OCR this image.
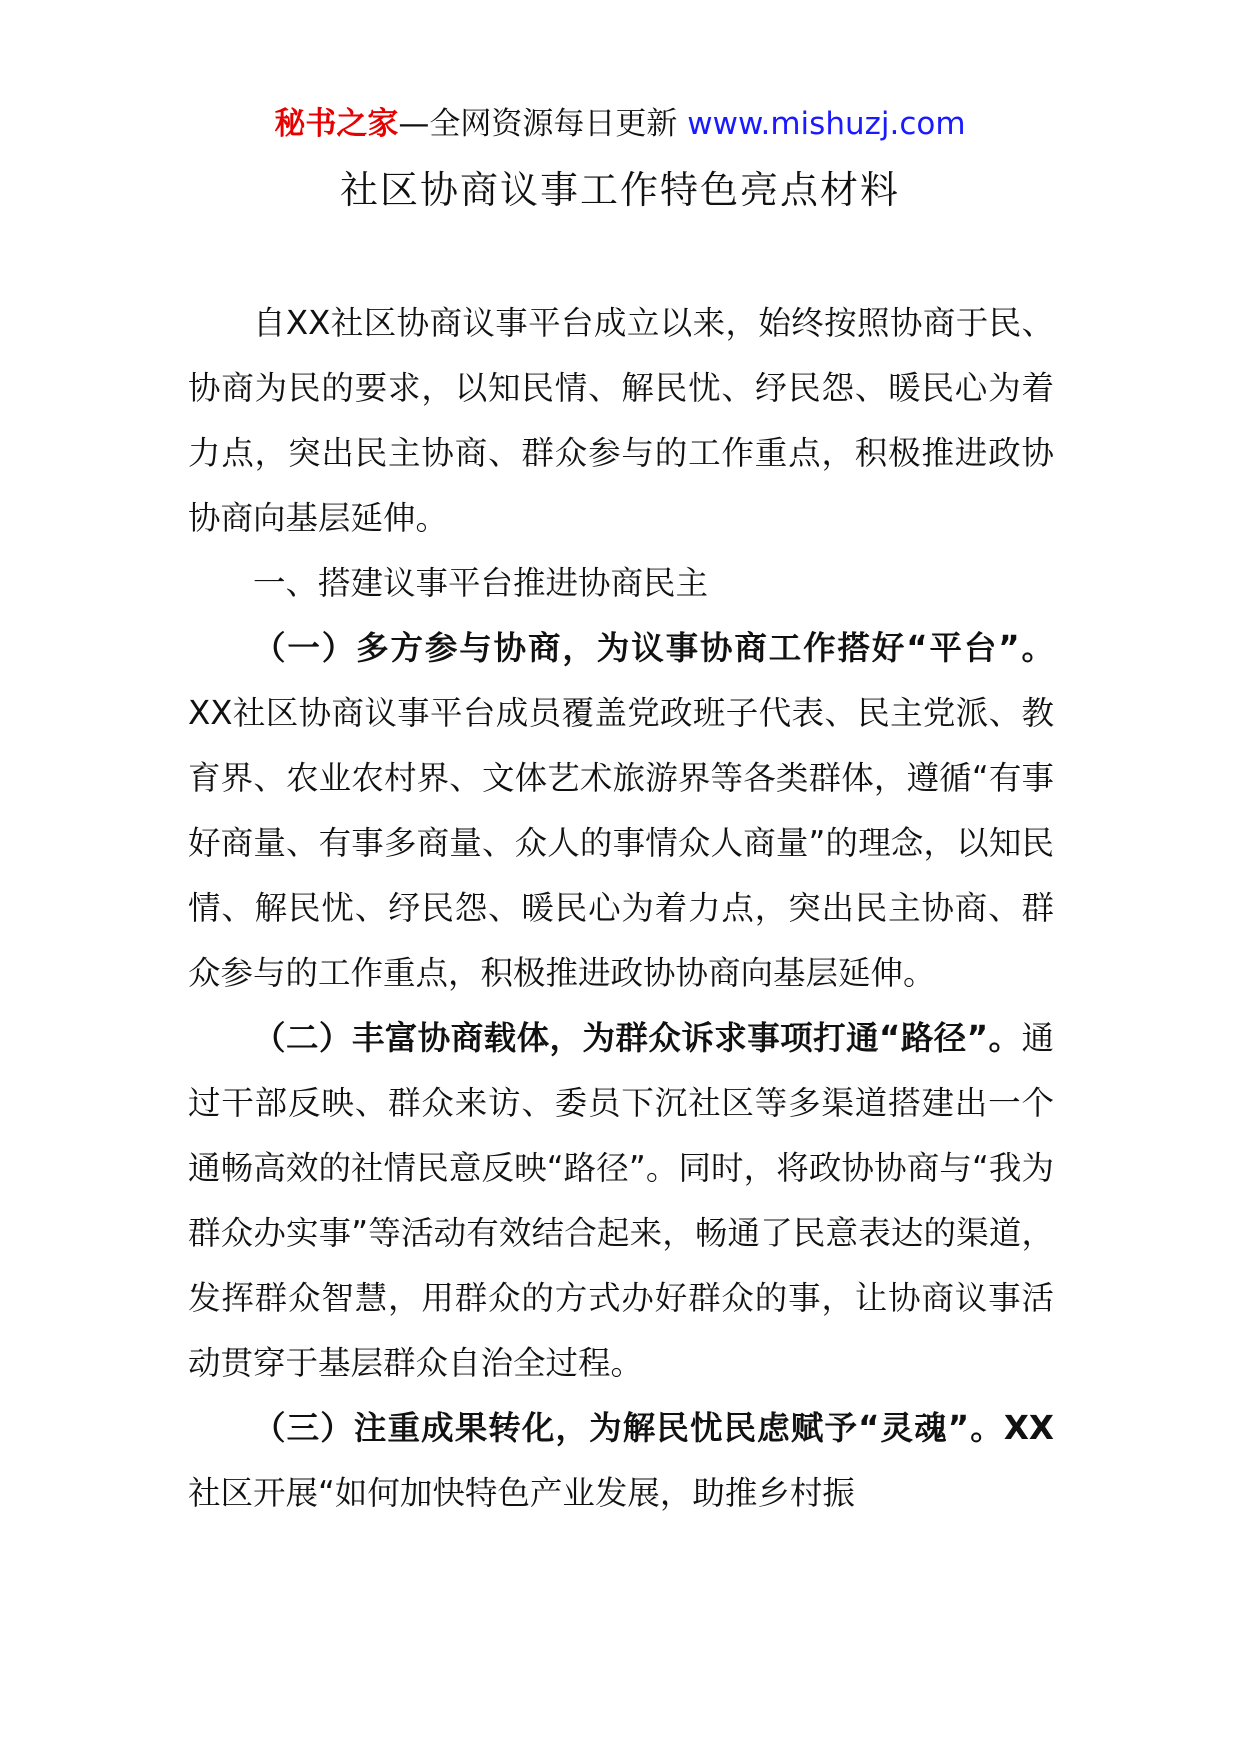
秘书之家—全网资源每日更新 www.mishuzj.com
社区协商议事工作特色亮点材料

自XX社区协商议事平台成立以来，始终按照协商于民、协商为民的要求，以知民情、解民忧、纾民怨、暖民心为着力点，突出民主协商、群众参与的工作重点，积极推进政协协商向基层延伸。

一、搭建议事平台推进协商民主

（一）多方参与协商，为议事协商工作搭好“平台”。XX社区协商议事平台成员覆盖党政班子代表、民主党派、教育界、农业农村界、文体艺术旅游界等各类群体，遵循“有事好商量、有事多商量、众人的事情众人商量”的理念，以知民情、解民忧、纾民怨、暖民心为着力点，突出民主协商、群众参与的工作重点，积极推进政协协商向基层延伸。

（二）丰富协商载体，为群众诉求事项打通“路径”。通过干部反映、群众来访、委员下沉社区等多渠道搭建出一个通畅高效的社情民意反映“路径”。同时，将政协协商与“我为群众办实事”等活动有效结合起来，畅通了民意表达的渠道，发挥群众智慧，用群众的方式办好群众的事，让协商议事活动贯穿于基层群众自治全过程。

（三）注重成果转化，为解民忧民虑赋予“灵魂”。XX社区开展“如何加快特色产业发展，助推乡村振
